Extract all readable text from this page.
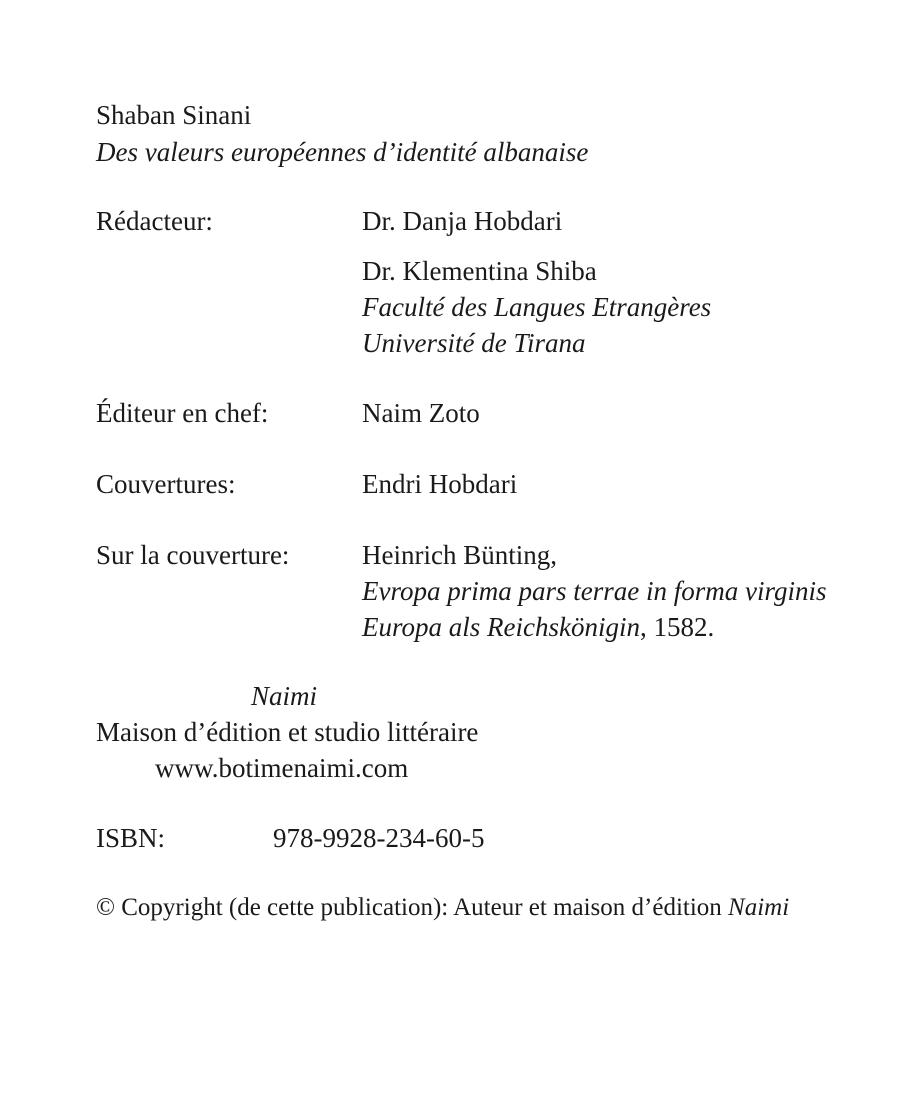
Shaban Sinani

Des valeurs européennes d’identité albanaise

Rédacteur:	Dr. Danja Hobdari

Dr. Klementina Shiba

Faculté des Langues Etrangères

Université de Tirana

Éditeur en chef:	Naim Zoto

Couvertures:	Endri Hobdari

Sur la couverture:	Heinrich Bünting,

Evropa prima pars terrae in forma virginis

Europa als Reichskönigin, 1582.

Naimi

Maison d’édition et studio littéraire

www.botimenaimi.com

ISBN:	978-9928-234-60-5

© Copyright (de cette publication): Auteur et maison d’édition Naimi
